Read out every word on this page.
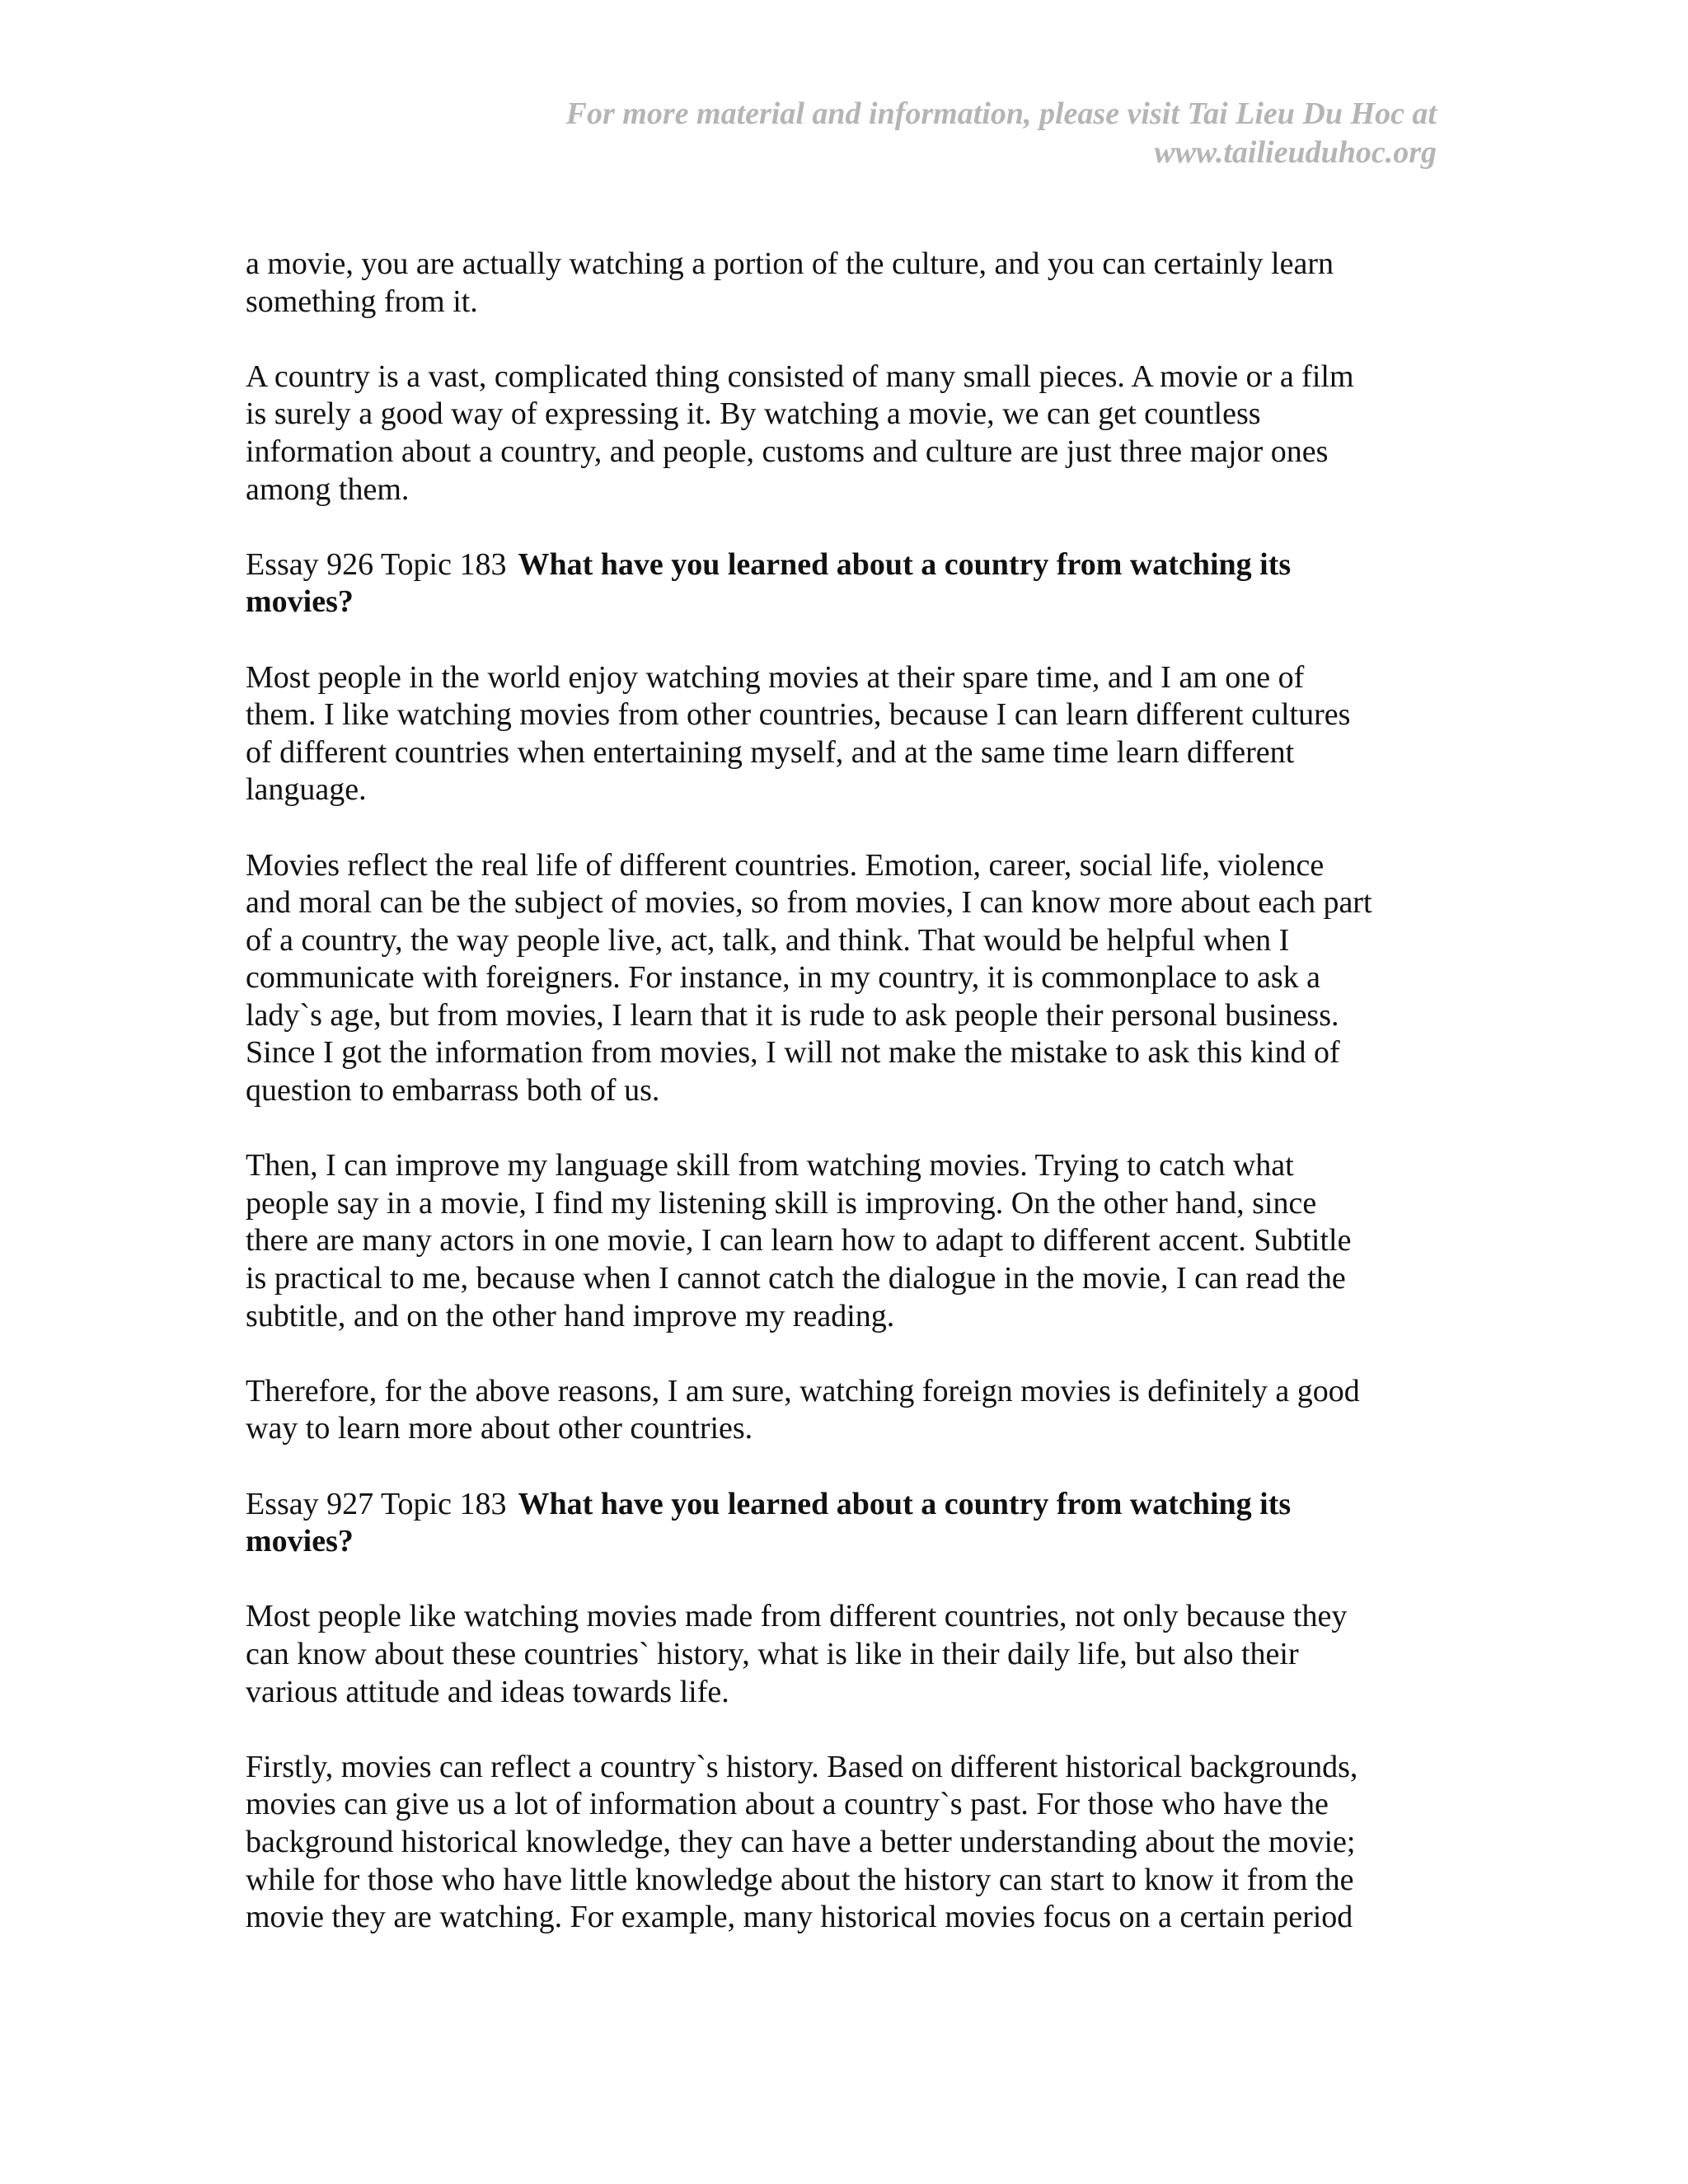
For more material and information, please visit Tai Lieu Du Hoc at
www.tailieuduhoc.org
a movie, you are actually watching a portion of the culture, and you can certainly learn
something from it.
A country is a vast, complicated thing consisted of many small pieces. A movie or a film
is surely a good way of expressing it. By watching a movie, we can get countless
information about a country, and people, customs and culture are just three major ones
among them.
Essay 926 Topic 183 What have you learned about a country from watching its
movies?
Most people in the world enjoy watching movies at their spare time, and I am one of
them. I like watching movies from other countries, because I can learn different cultures
of different countries when entertaining myself, and at the same time learn different
language.
Movies reflect the real life of different countries. Emotion, career, social life, violence
and moral can be the subject of movies, so from movies, I can know more about each part
of a country, the way people live, act, talk, and think. That would be helpful when I
communicate with foreigners. For instance, in my country, it is commonplace to ask a
lady`s age, but from movies, I learn that it is rude to ask people their personal business.
Since I got the information from movies, I will not make the mistake to ask this kind of
question to embarrass both of us.
Then, I can improve my language skill from watching movies. Trying to catch what
people say in a movie, I find my listening skill is improving. On the other hand, since
there are many actors in one movie, I can learn how to adapt to different accent. Subtitle
is practical to me, because when I cannot catch the dialogue in the movie, I can read the
subtitle, and on the other hand improve my reading.
Therefore, for the above reasons, I am sure, watching foreign movies is definitely a good
way to learn more about other countries.
Essay 927 Topic 183 What have you learned about a country from watching its
movies?
Most people like watching movies made from different countries, not only because they
can know about these countries` history, what is like in their daily life, but also their
various attitude and ideas towards life.
Firstly, movies can reflect a country`s history. Based on different historical backgrounds,
movies can give us a lot of information about a country`s past. For those who have the
background historical knowledge, they can have a better understanding about the movie;
while for those who have little knowledge about the history can start to know it from the
movie they are watching. For example, many historical movies focus on a certain period
